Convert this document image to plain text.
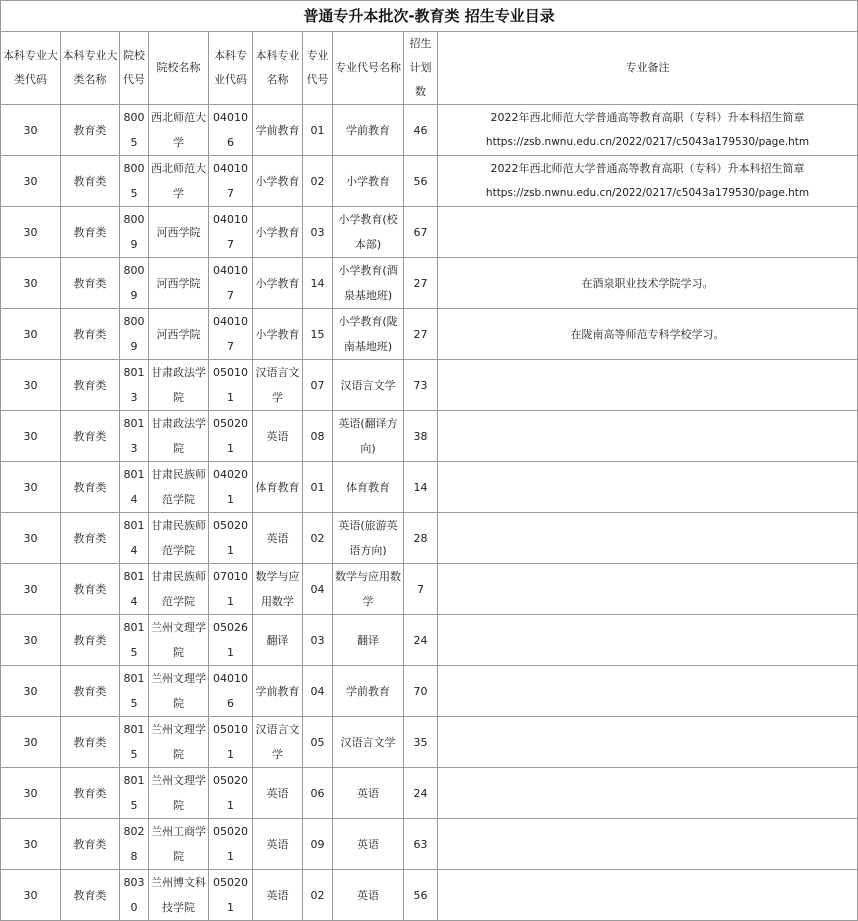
普通专升本批次-教育类 招生专业目录									
本科专业大类代码	本科专业大类名称	院校代号	院校名称	本科专业代码	本科专业名称	专业代号	专业代号名称	招生计划数	专业备注
30	教育类	8005	西北师范大学	040106	学前教育	01	学前教育	46	2022年西北师范大学普通高等教育高职（专科）升本科招生简章
https://zsb.nwnu.edu.cn/2022/0217/c5043a179530/page.htm

30	教育类	8005	西北师范大学	040107	小学教育	02	小学教育	56	2022年西北师范大学普通高等教育高职（专科）升本科招生简章
https://zsb.nwnu.edu.cn/2022/0217/c5043a179530/page.htm

30	教育类	8009	河西学院	040107	小学教育	03	小学教育(校本部)	67	

30	教育类	8009	河西学院	040107	小学教育	14	小学教育(酒泉基地班)	27	在酒泉职业技术学院学习。

30	教育类	8009	河西学院	040107	小学教育	15	小学教育(陇南基地班)	27	在陇南高等师范专科学校学习。

30	教育类	8013	甘肃政法学院	050101	汉语言文学	07	汉语言文学	73	

30	教育类	8013	甘肃政法学院	050201	英语	08	英语(翻译方向)	38	

30	教育类	8014	甘肃民族师范学院	040201	体育教育	01	体育教育	14	

30	教育类	8014	甘肃民族师范学院	050201	英语	02	英语(旅游英语方向)	28	

30	教育类	8014	甘肃民族师范学院	070101	数学与应用数学	04	数学与应用数学	7	

30	教育类	8015	兰州文理学院	050261	翻译	03	翻译	24	

30	教育类	8015	兰州文理学院	040106	学前教育	04	学前教育	70	

30	教育类	8015	兰州文理学院	050101	汉语言文学	05	汉语言文学	35	

30	教育类	8015	兰州文理学院	050201	英语	06	英语	24	

30	教育类	8028	兰州工商学院	050201	英语	09	英语	63	

30	教育类	8030	兰州博文科技学院	050201	英语	02	英语	56	
